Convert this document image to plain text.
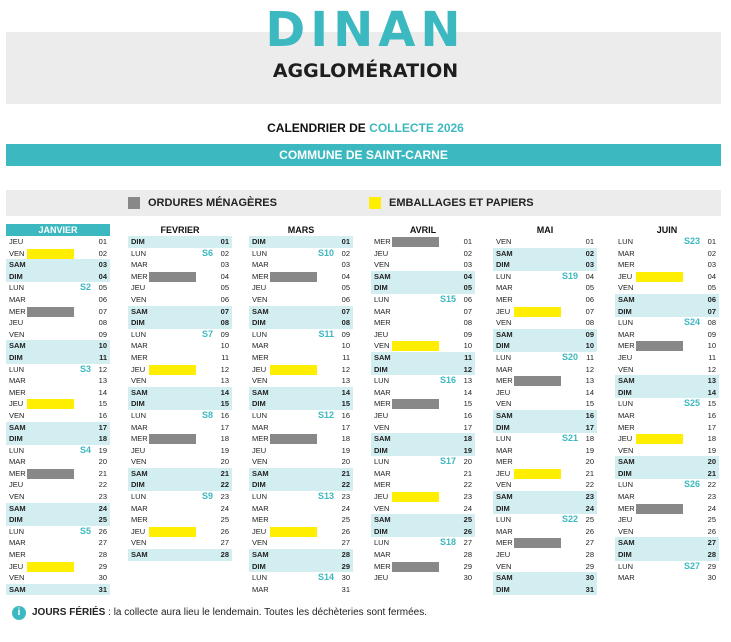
DINAN
AGGLOMÉRATION
CALENDRIER DE COLLECTE 2026
COMMUNE DE SAINT-CARNE
ORDURES MÉNAGÈRES	EMBALLAGES ET PAPIERS
JANVIER
JEU	01
VEN	02
SAM	03
DIM	04
LUN	S2 05
MAR	06
MER	07
JEU	08
VEN	09
SAM	10
DIM	11
LUN	S3 12
MAR	13
MER	14
JEU	15
VEN	16
SAM	17
DIM	18
LUN	S4 19
MAR	20
MER	21
JEU	22
VEN	23
SAM	24
DIM	25
LUN	S5 26
MAR	27
MER	28
JEU	29
VEN	30
SAM	31
FEVRIER
DIM	01
LUN	S6 02
MAR	03
MER	04
JEU	05
VEN	06
SAM	07
DIM	08
LUN	S7 09
MAR	10
MER	11
JEU	12
VEN	13
SAM	14
DIM	15
LUN	S8 16
MAR	17
MER	18
JEU	19
VEN	20
SAM	21
DIM	22
LUN	S9 23
MAR	24
MER	25
JEU	26
VEN	27
SAM	28
MARS
DIM	01
LUN	S10 02
MAR	03
MER	04
JEU	05
VEN	06
SAM	07
DIM	08
LUN	S11 09
MAR	10
MER	11
JEU	12
VEN	13
SAM	14
DIM	15
LUN	S12 16
MAR	17
MER	18
JEU	19
VEN	20
SAM	21
DIM	22
LUN	S13 23
MAR	24
MER	25
JEU	26
VEN	27
SAM	28
DIM	29
LUN	S14 30
MAR	31
AVRIL
MER	01
JEU	02
VEN	03
SAM	04
DIM	05
LUN	S15 06
MAR	07
MER	08
JEU	09
VEN	10
SAM	11
DIM	12
LUN	S16 13
MAR	14
MER	15
JEU	16
VEN	17
SAM	18
DIM	19
LUN	S17 20
MAR	21
MER	22
JEU	23
VEN	24
SAM	25
DIM	26
LUN	S18 27
MAR	28
MER	29
JEU	30
MAI
VEN	01
SAM	02
DIM	03
LUN	S19 04
MAR	05
MER	06
JEU	07
VEN	08
SAM	09
DIM	10
LUN	S20 11
MAR	12
MER	13
JEU	14
VEN	15
SAM	16
DIM	17
LUN	S21 18
MAR	19
MER	20
JEU	21
VEN	22
SAM	23
DIM	24
LUN	S22 25
MAR	26
MER	27
JEU	28
VEN	29
SAM	30
DIM	31
JUIN
LUN	S23 01
MAR	02
MER	03
JEU	04
VEN	05
SAM	06
DIM	07
LUN	S24 08
MAR	09
MER	10
JEU	11
VEN	12
SAM	13
DIM	14
LUN	S25 15
MAR	16
MER	17
JEU	18
VEN	19
SAM	20
DIM	21
LUN	S26 22
MAR	23
MER	24
JEU	25
VEN	26
SAM	27
DIM	28
LUN	S27 29
MAR	30
i JOURS FÉRIÉS : la collecte aura lieu le lendemain. Toutes les déchèteries sont fermées.
